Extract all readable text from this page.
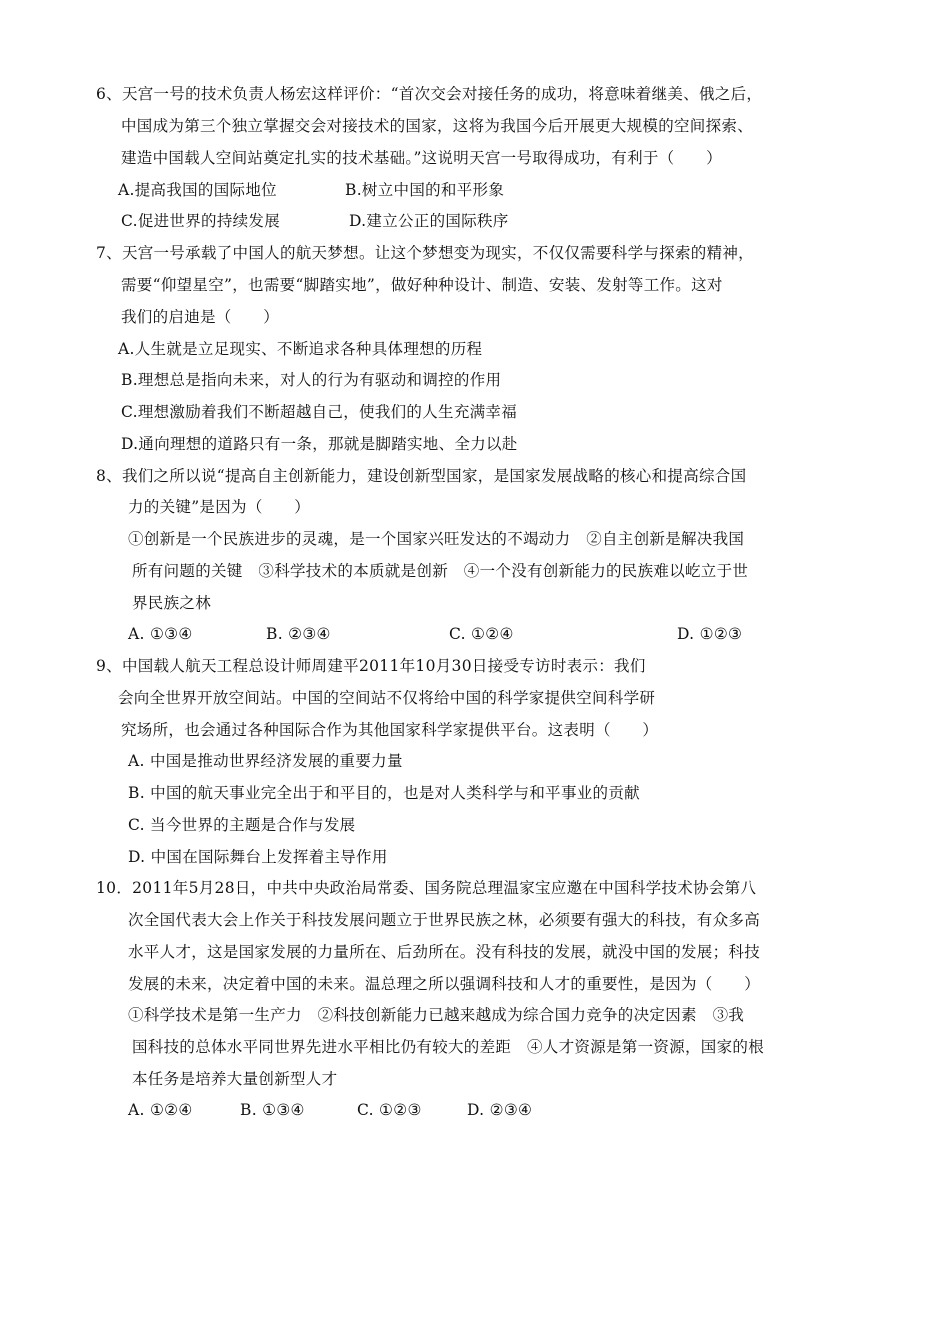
6、天宫一号的技术负责人杨宏这样评价：“首次交会对接任务的成功，将意味着继美、俄之后，
中国成为第三个独立掌握交会对接技术的国家，这将为我国今后开展更大规模的空间探索、
建造中国载人空间站奠定扎实的技术基础。”这说明天宫一号取得成功，有利于（　　）
A.提高我国的国际地位	B.树立中国的和平形象
C.促进世界的持续发展	D.建立公正的国际秩序
7、天宫一号承载了中国人的航天梦想。让这个梦想变为现实，不仅仅需要科学与探索的精神，
需要“仰望星空”，也需要“脚踏实地”，做好种种设计、制造、安装、发射等工作。这对
我们的启迪是（　　）
A.人生就是立足现实、不断追求各种具体理想的历程
B.理想总是指向未来，对人的行为有驱动和调控的作用
C.理想激励着我们不断超越自己，使我们的人生充满幸福
D.通向理想的道路只有一条，那就是脚踏实地、全力以赴
8、我们之所以说“提高自主创新能力，建设创新型国家，是国家发展战略的核心和提高综合国
力的关键”是因为（　　）
①创新是一个民族进步的灵魂，是一个国家兴旺发达的不竭动力　②自主创新是解决我国
所有问题的关键　③科学技术的本质就是创新　④一个没有创新能力的民族难以屹立于世
界民族之林
A. ①③④	B. ②③④	C. ①②④	D. ①②③
9、中国载人航天工程总设计师周建平2011年10月30日接受专访时表示：我们
会向全世界开放空间站。中国的空间站不仅将给中国的科学家提供空间科学研
究场所，也会通过各种国际合作为其他国家科学家提供平台。这表明（　　）
A. 中国是推动世界经济发展的重要力量
B. 中国的航天事业完全出于和平目的，也是对人类科学与和平事业的贡献
C. 当今世界的主题是合作与发展
D. 中国在国际舞台上发挥着主导作用
10．2011年5月28日，中共中央政治局常委、国务院总理温家宝应邀在中国科学技术协会第八
次全国代表大会上作关于科技发展问题立于世界民族之林，必须要有强大的科技，有众多高
水平人才，这是国家发展的力量所在、后劲所在。没有科技的发展，就没中国的发展；科技
发展的未来，决定着中国的未来。温总理之所以强调科技和人才的重要性，是因为（　　）
①科学技术是第一生产力　②科技创新能力已越来越成为综合国力竞争的决定因素　③我
国科技的总体水平同世界先进水平相比仍有较大的差距　④人才资源是第一资源，国家的根
本任务是培养大量创新型人才
A. ①②④	B. ①③④	C. ①②③	D. ②③④
